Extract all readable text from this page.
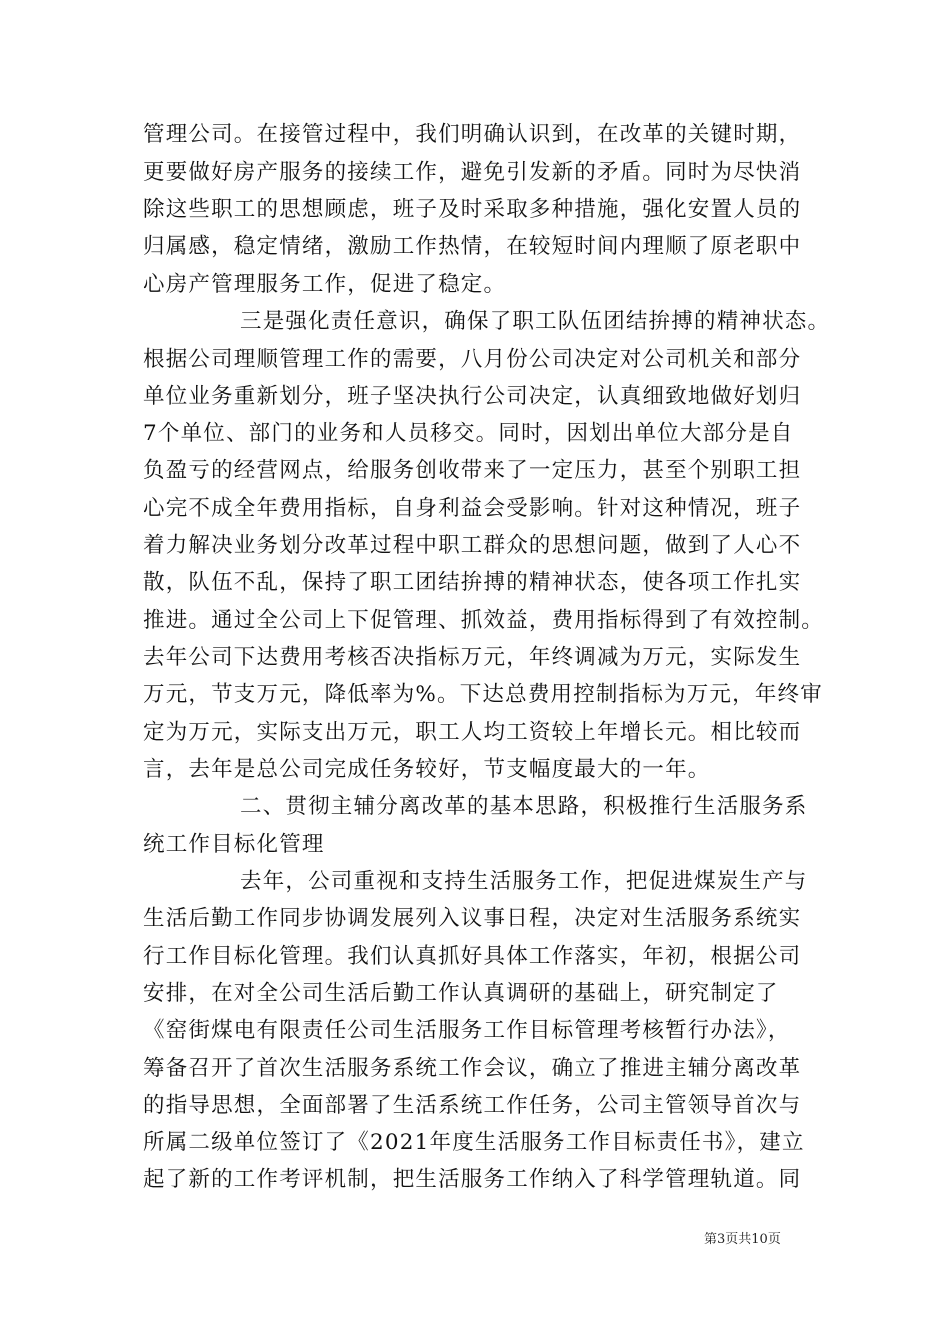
管理公司。在接管过程中，我们明确认识到，在改革的关键时期，
更要做好房产服务的接续工作，避免引发新的矛盾。同时为尽快消
除这些职工的思想顾虑，班子及时采取多种措施，强化安置人员的
归属感，稳定情绪，激励工作热情，在较短时间内理顺了原老职中
心房产管理服务工作，促进了稳定。
三是强化责任意识，确保了职工队伍团结拚搏的精神状态。
根据公司理顺管理工作的需要，八月份公司决定对公司机关和部分
单位业务重新划分，班子坚决执行公司决定，认真细致地做好划归
7个单位、部门的业务和人员移交。同时，因划出单位大部分是自
负盈亏的经营网点，给服务创收带来了一定压力，甚至个别职工担
心完不成全年费用指标，自身利益会受影响。针对这种情况，班子
着力解决业务划分改革过程中职工群众的思想问题，做到了人心不
散，队伍不乱，保持了职工团结拚搏的精神状态，使各项工作扎实
推进。通过全公司上下促管理、抓效益，费用指标得到了有效控制。
去年公司下达费用考核否决指标万元，年终调减为万元，实际发生
万元，节支万元，降低率为%。下达总费用控制指标为万元，年终审
定为万元，实际支出万元，职工人均工资较上年增长元。相比较而
言，去年是总公司完成任务较好，节支幅度最大的一年。
二、贯彻主辅分离改革的基本思路，积极推行生活服务系
统工作目标化管理
去年，公司重视和支持生活服务工作，把促进煤炭生产与
生活后勤工作同步协调发展列入议事日程，决定对生活服务系统实
行工作目标化管理。我们认真抓好具体工作落实，年初，根据公司
安排，在对全公司生活后勤工作认真调研的基础上，研究制定了
《窑街煤电有限责任公司生活服务工作目标管理考核暂行办法》，
筹备召开了首次生活服务系统工作会议，确立了推进主辅分离改革
的指导思想，全面部署了生活系统工作任务，公司主管领导首次与
所属二级单位签订了《2021年度生活服务工作目标责任书》，建立
起了新的工作考评机制，把生活服务工作纳入了科学管理轨道。同
第3页共10页
